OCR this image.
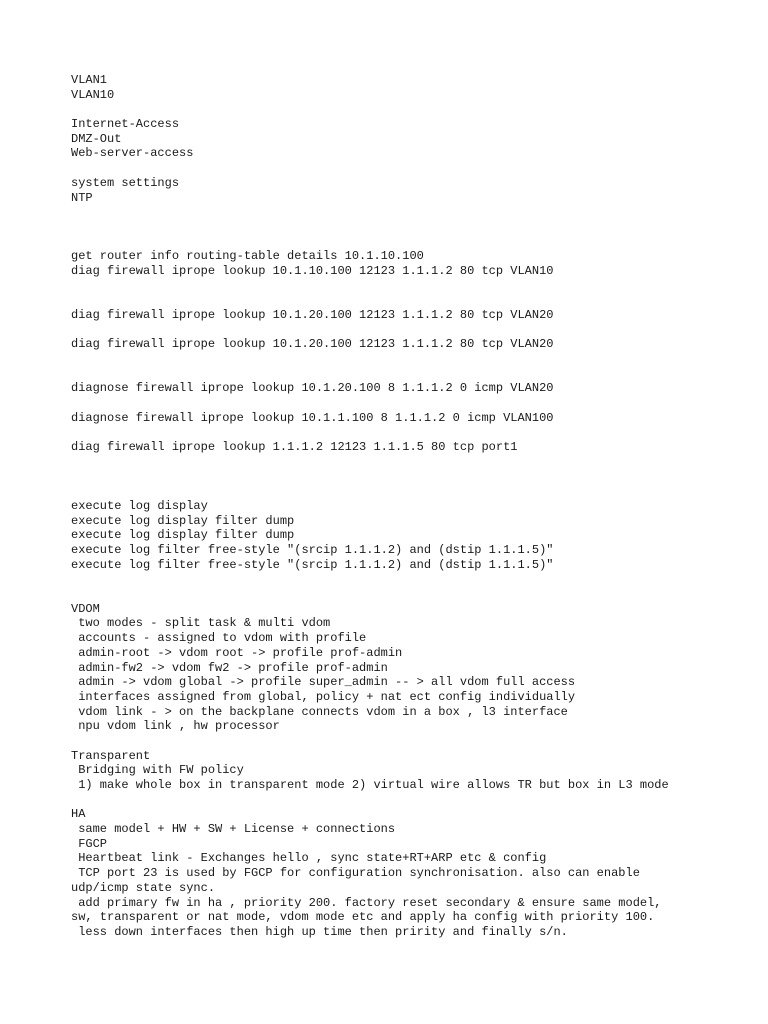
VLAN1
VLAN10
Internet-Access
DMZ-Out
Web-server-access
system settings
NTP
get router info routing-table details 10.1.10.100
diag firewall iprope lookup 10.1.10.100 12123 1.1.1.2 80 tcp VLAN10
diag firewall iprope lookup 10.1.20.100 12123 1.1.1.2 80 tcp VLAN20
diag firewall iprope lookup 10.1.20.100 12123 1.1.1.2 80 tcp VLAN20
diagnose firewall iprope lookup 10.1.20.100 8 1.1.1.2 0 icmp VLAN20
diagnose firewall iprope lookup 10.1.1.100 8 1.1.1.2 0 icmp VLAN100
diag firewall iprope lookup 1.1.1.2 12123 1.1.1.5 80 tcp port1
execute log display
execute log display filter dump
execute log display filter dump
execute log filter free-style "(srcip 1.1.1.2) and (dstip 1.1.1.5)"
execute log filter free-style "(srcip 1.1.1.2) and (dstip 1.1.1.5)"
VDOM
two modes - split task & multi vdom
accounts - assigned to vdom with profile
admin-root -> vdom root -> profile prof-admin
admin-fw2 -> vdom fw2 -> profile prof-admin
admin -> vdom global -> profile super_admin -- > all vdom full access
interfaces assigned from global, policy + nat ect config individually
vdom link - > on the backplane connects vdom in a box , l3 interface
npu vdom link , hw processor
Transparent
Bridging with FW policy
1) make whole box in transparent mode 2) virtual wire allows TR but box in L3 mode
HA
same model + HW + SW + License + connections
FGCP
Heartbeat link - Exchanges hello , sync state+RT+ARP etc & config
TCP port 23 is used by FGCP for configuration synchronisation. also can enable
udp/icmp state sync.
add primary fw in ha , priority 200. factory reset secondary & ensure same model,
sw, transparent or nat mode, vdom mode etc and apply ha config with priority 100.
less down interfaces then high up time then pririty and finally s/n.
